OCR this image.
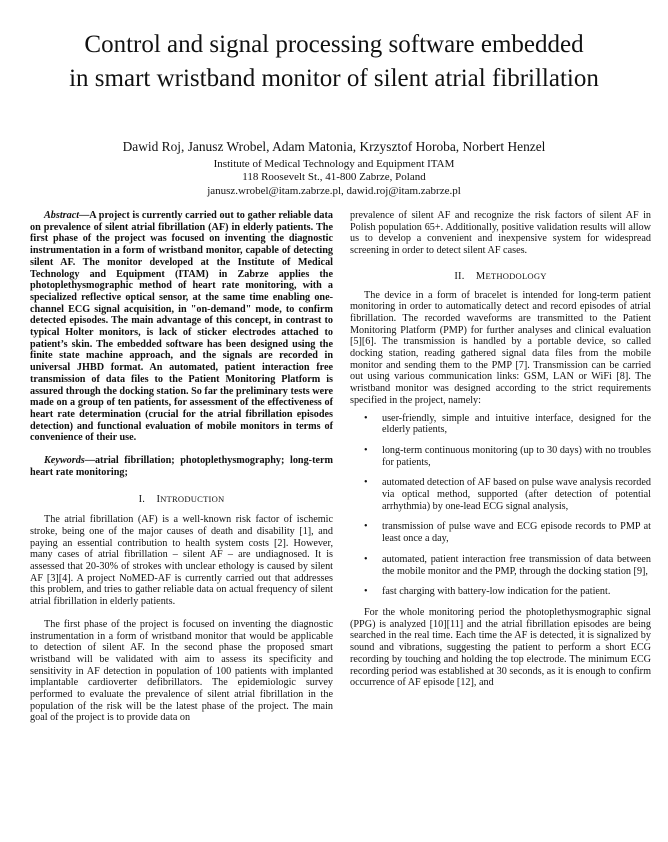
Control and signal processing software embedded
in smart wristband monitor of silent atrial fibrillation
Dawid Roj, Janusz Wrobel, Adam Matonia, Krzysztof Horoba, Norbert Henzel
Institute of Medical Technology and Equipment ITAM
118 Roosevelt St., 41-800 Zabrze, Poland
janusz.wrobel@itam.zabrze.pl, dawid.roj@itam.zabrze.pl

Abstract—A project is currently carried out to gather reliable data on prevalence of silent atrial fibrillation (AF) in elderly patients. The first phase of the project was focused on inventing the diagnostic instrumentation in a form of wristband monitor, capable of detecting silent AF. The monitor developed at the Institute of Medical Technology and Equipment (ITAM) in Zabrze applies the photoplethysmographic method of heart rate monitoring, with a specialized reflective optical sensor, at the same time enabling one-channel ECG signal acquisition, in "on-demand" mode, to confirm detected episodes. The main advantage of this concept, in contrast to typical Holter monitors, is lack of sticker electrodes attached to patient’s skin. The embedded software has been designed using the finite state machine approach, and the signals are recorded in universal JHBD format. An automated, patient interaction free transmission of data files to the Patient Monitoring Platform is assured through the docking station. So far the preliminary tests were made on a group of ten patients, for assessment of the effectiveness of heart rate determination (crucial for the atrial fibrillation episodes detection) and functional evaluation of mobile monitors in terms of convenience of their use.

Keywords—atrial fibrillation; photoplethysmography; long-term heart rate monitoring;

I. INTRODUCTION

The atrial fibrillation (AF) is a well-known risk factor of ischemic stroke, being one of the major causes of death and disability [1], and paying an essential contribution to health system costs [2]. However, many cases of atrial fibrillation – silent AF – are undiagnosed. It is assessed that 20-30% of strokes with unclear ethology is caused by silent AF [3][4]. A project NoMED-AF is currently carried out that addresses this problem, and tries to gather reliable data on actual frequency of silent atrial fibrillation in elderly patients.

The first phase of the project is focused on inventing the diagnostic instrumentation in a form of wristband monitor that would be applicable to detection of silent AF. In the second phase the proposed smart wristband will be validated with aim to assess its specificity and sensitivity in AF detection in population of 100 patients with implanted implantable cardioverter defibrillators. The epidemiologic survey performed to evaluate the prevalence of silent atrial fibrillation in the population of the risk will be the latest phase of the project. The main goal of the project is to provide data on

prevalence of silent AF and recognize the risk factors of silent AF in Polish population 65+. Additionally, positive validation results will allow us to develop a convenient and inexpensive system for widespread screening in order to detect silent AF cases.

II. METHODOLOGY

The device in a form of bracelet is intended for long-term patient monitoring in order to automatically detect and record episodes of atrial fibrillation. The recorded waveforms are transmitted to the Patient Monitoring Platform (PMP) for further analyses and clinical evaluation [5][6]. The transmission is handled by a portable device, so called docking station, reading gathered signal data files from the mobile monitor and sending them to the PMP [7]. Transmission can be carried out using various communication links: GSM, LAN or WiFi [8]. The wristband monitor was designed according to the strict requirements specified in the project, namely:

• user-friendly, simple and intuitive interface, designed for the elderly patients,
• long-term continuous monitoring (up to 30 days) with no troubles for patients,
• automated detection of AF based on pulse wave analysis recorded via optical method, supported (after detection of potential arrhythmia) by one-lead ECG signal analysis,
• transmission of pulse wave and ECG episode records to PMP at least once a day,
• automated, patient interaction free transmission of data between the mobile monitor and the PMP, through the docking station [9],
• fast charging with battery-low indication for the patient.

For the whole monitoring period the photoplethysmographic signal (PPG) is analyzed [10][11] and the atrial fibrillation episodes are being searched in the real time. Each time the AF is detected, it is signalized by sound and vibrations, suggesting the patient to perform a short ECG recording by touching and holding the top electrode. The minimum ECG recording period was established at 30 seconds, as it is enough to confirm occurrence of AF episode [12], and
